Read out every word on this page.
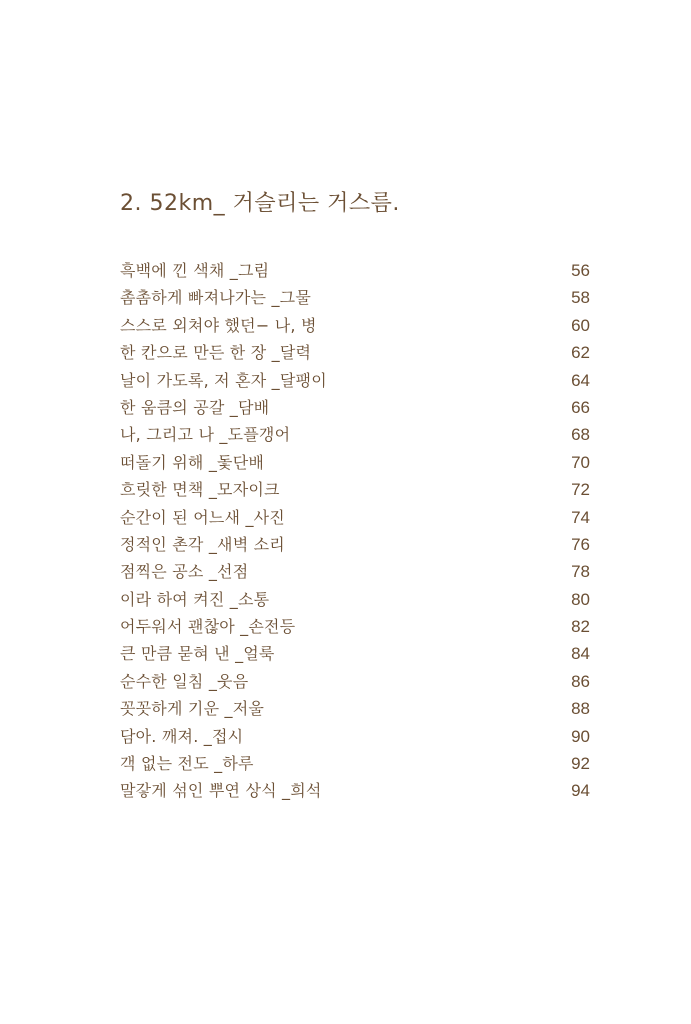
2. 52km_ 거슬리는 거스름.
흑백에 낀 색채 _그림	56
촘촘하게 빠져나가는 _그물	58
스스로 외쳐야 했던− 나, 병	60
한 칸으로 만든 한 장 _달력	62
날이 가도록, 저 혼자 _달팽이	64
한 움큼의 공갈 _담배	66
나, 그리고 나 _도플갱어	68
떠돌기 위해 _돛단배	70
흐릿한 면책 _모자이크	72
순간이 된 어느새 _사진	74
정적인 촌각 _새벽 소리	76
점찍은 공소 _선점	78
이라 하여 켜진 _소통	80
어두워서 괜찮아 _손전등	82
큰 만큼 묻혀 낸 _얼룩	84
순수한 일침 _웃음	86
꼿꼿하게 기운 _저울	88
담아. 깨져. _접시	90
객 없는 전도 _하루	92
말갛게 섞인 뿌연 상식 _희석	94
